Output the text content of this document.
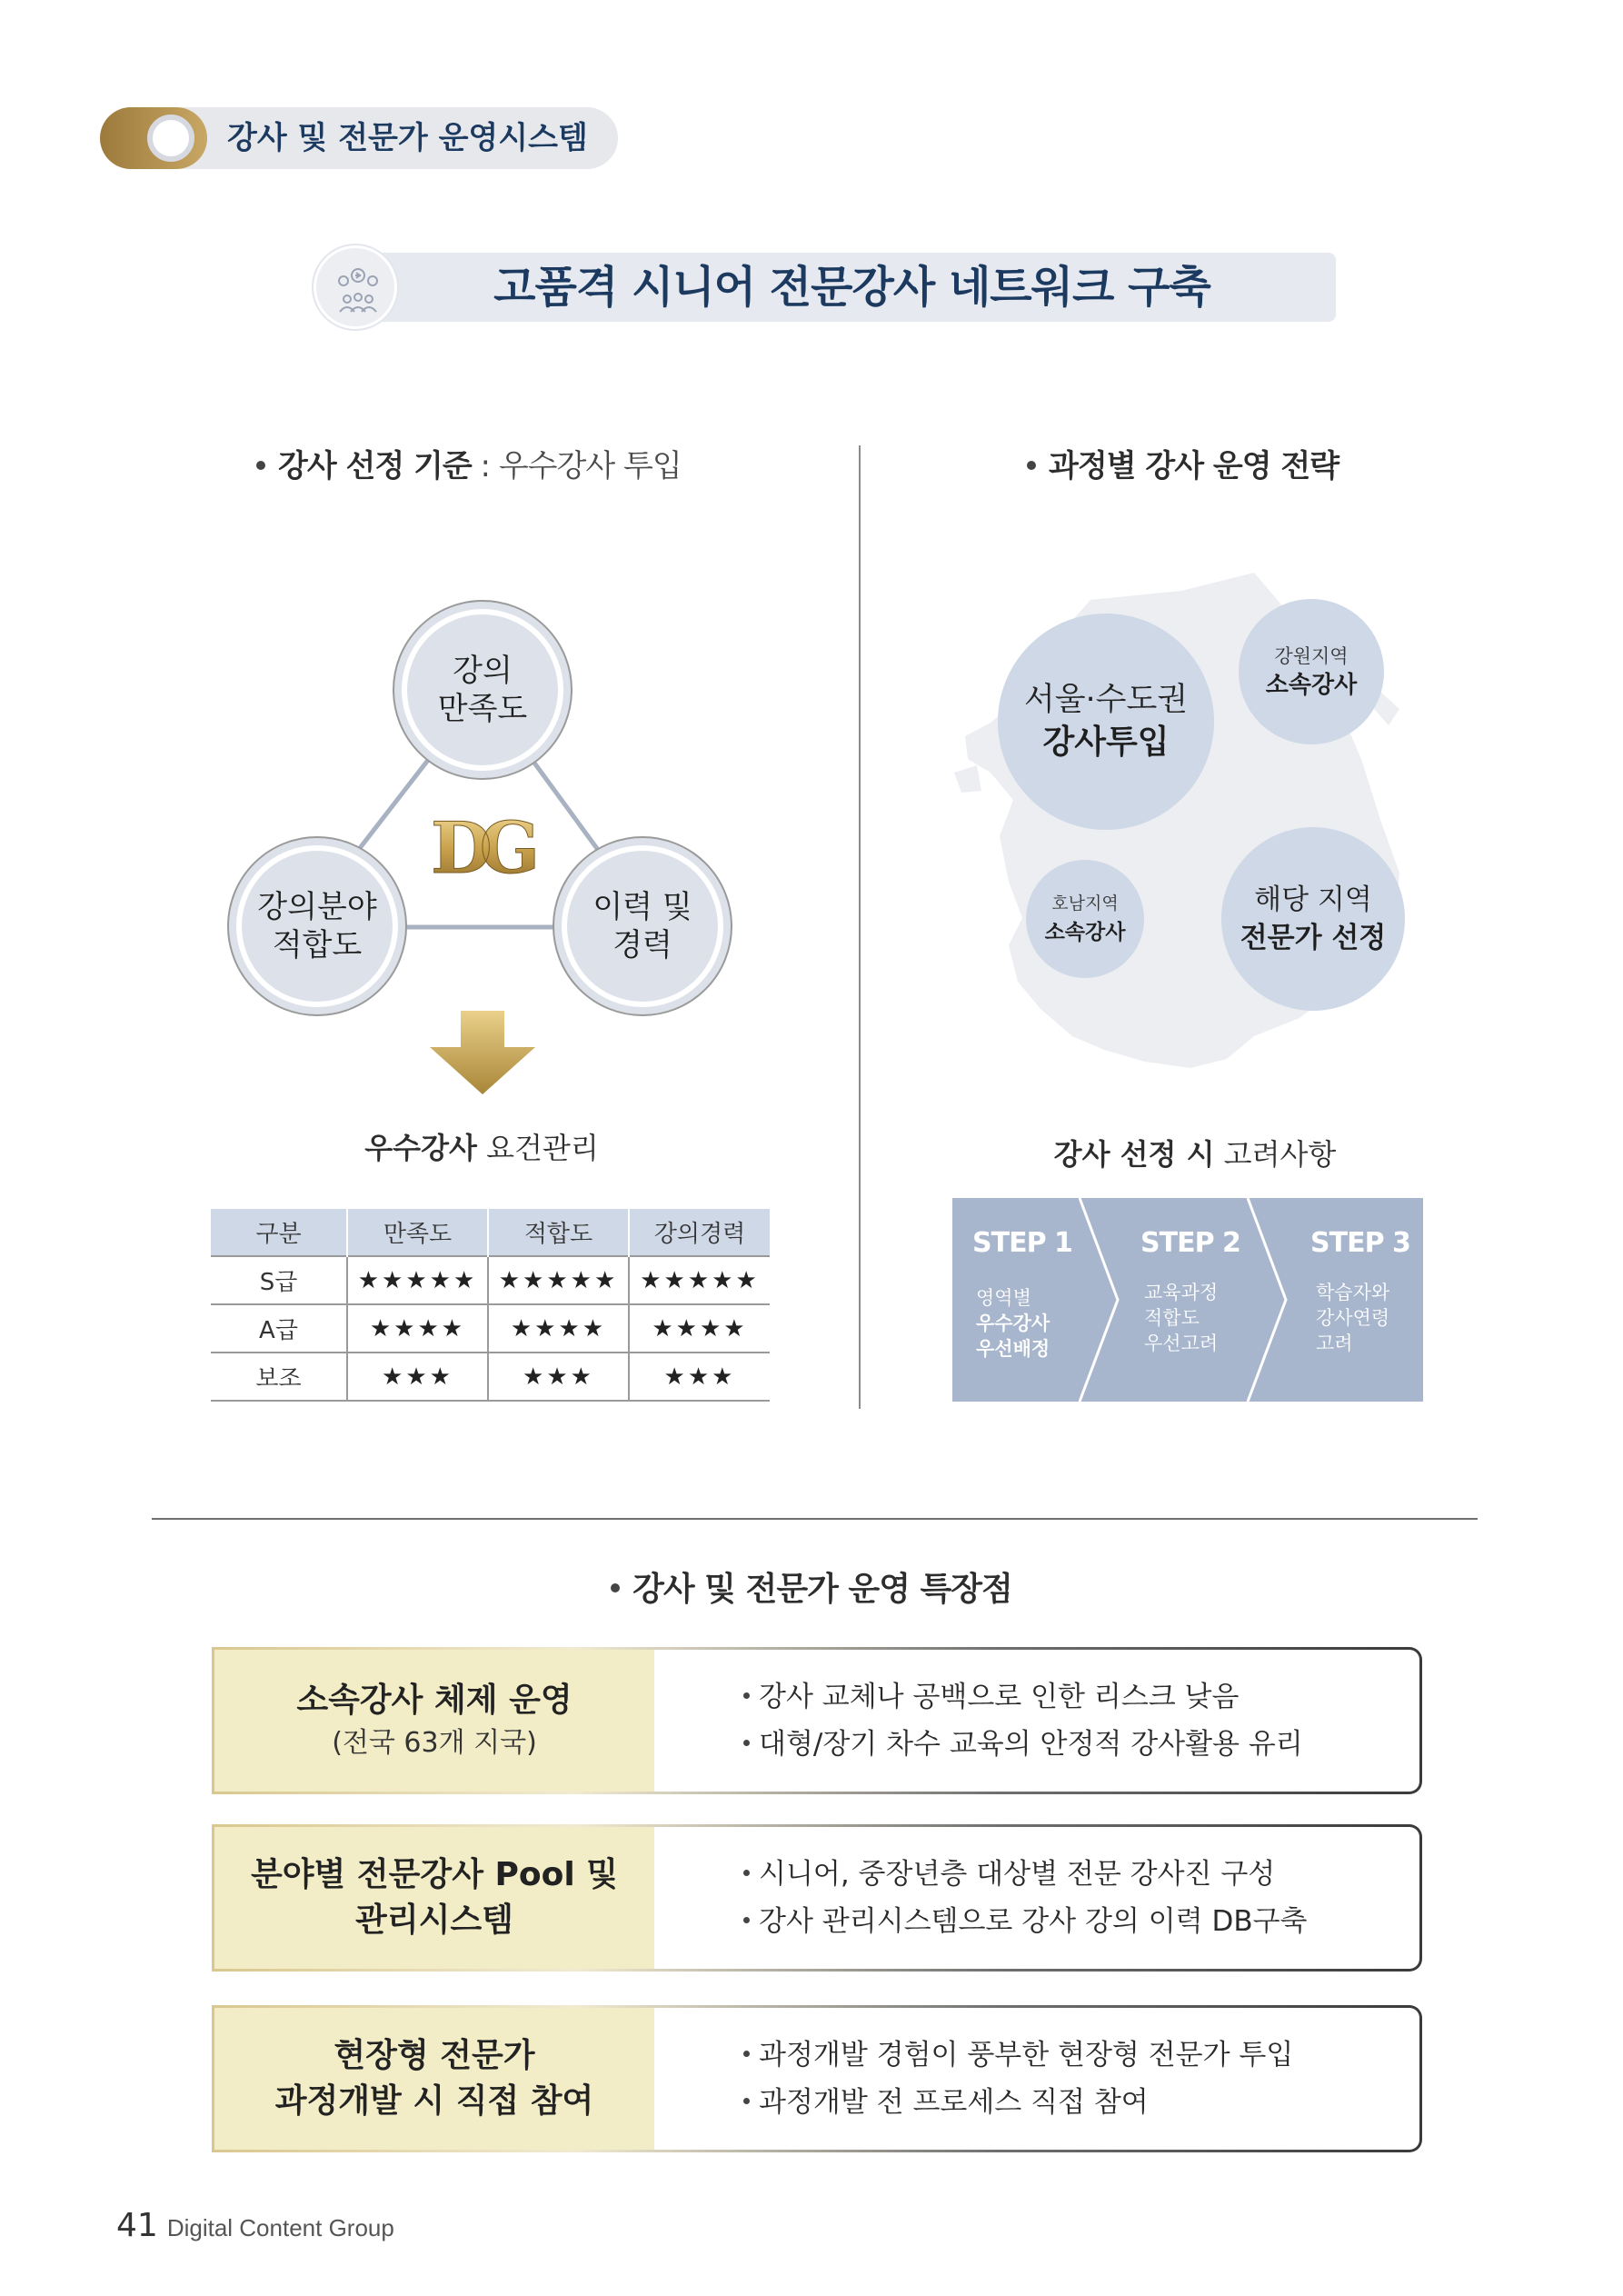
강사 및 전문가 운영시스템
고품격 시니어 전문강사 네트워크 구축
강사 선정 기준 : 우수강사 투입	과정별 강사 운영 전략
강의
만족도
강의분야
적합도
이력 및
경력
DG
우수강사 요건관리
구분	만족도	적합도	강의경력
S급	★★★★★	★★★★★	★★★★★
A급	★★★★	★★★★	★★★★
보조	★★★	★★★	★★★
서울·수도권
강사투입
강원지역
소속강사
호남지역
소속강사
해당 지역
전문가 선정
강사 선정 시 고려사항
STEP 1
영역별
우수강사
우선배정
STEP 2
교육과정
적합도
우선고려
STEP 3
학습자와
강사연령
고려
강사 및 전문가 운영 특장점
소속강사 체제 운영
(전국 63개 지국)
강사 교체나 공백으로 인한 리스크 낮음
대형/장기 차수 교육의 안정적 강사활용 유리
분야별 전문강사 Pool 및
관리시스템
시니어, 중장년층 대상별 전문 강사진 구성
강사 관리시스템으로 강사 강의 이력 DB구축
현장형 전문가
과정개발 시 직접 참여
과정개발 경험이 풍부한 현장형 전문가 투입
과정개발 전 프로세스 직접 참여
41 Digital Content Group
